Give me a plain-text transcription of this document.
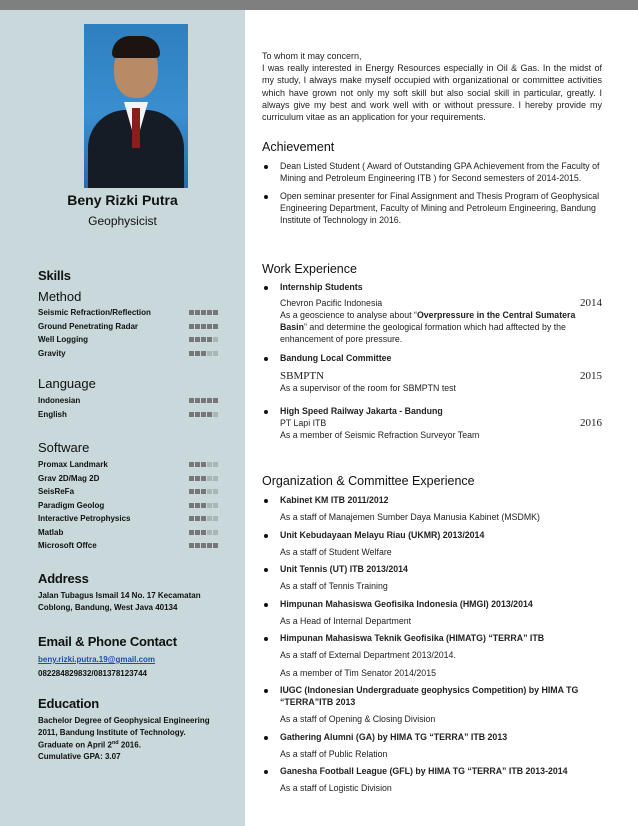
Beny Rizki Putra
Geophysicist
Skills
Method
Seismic Refraction/Reflection
Ground Penetrating Radar
Well Logging
Gravity
Language
Indonesian
English
Software
Promax Landmark
Grav 2D/Mag 2D
SeisReFa
Paradigm Geolog
Interactive Petrophysics
Matlab
Microsoft Offce
Address
Jalan Tubagus Ismail 14 No. 17 Kecamatan
Coblong, Bandung, West Java 40134
Email & Phone Contact
beny.rizki.putra.19@gmail.com
082284829832/081378123744
Education
Bachelor Degree of Geophysical Engineering
2011, Bandung Institute of Technology.
Graduate on April 2nd 2016.
Cumulative GPA: 3.07
To whom it may concern,
I was really interested in Energy Resources especially in Oil & Gas. In the midst of my study, I always make myself occupied with organizational or committee activities which have grown not only my soft skill but also social skill in particular, greatly. I always give my best and work well with or without pressure. I hereby provide my curriculum vitae as an application for your requirements.
Achievement
Dean Listed Student ( Award of Outstanding GPA Achievement from the Faculty of Mining and Petroleum Engineering ITB ) for Second semesters of 2014-2015.
Open seminar presenter for Final Assignment and Thesis Program of Geophysical Engineering Department, Faculty of Mining and Petroleum Engineering, Bandung Institute of Technology in 2016.
Work Experience
Internship Students
Chevron Pacific Indonesia	2014
As a geoscience to analyse about “Overpressure in the Central Sumatera Basin” and determine the geological formation which had afftected by the enhancement of pore pressure.
Bandung Local Committee
SBMPTN	2015
As a supervisor of the room for SBMPTN test
High Speed Railway Jakarta - Bandung
PT Lapi ITB	2016
As a member of Seismic Refraction Surveyor Team
Organization & Committee Experience
Kabinet KM ITB 2011/2012
As a staff of Manajemen Sumber Daya Manusia Kabinet (MSDMK)
Unit Kebudayaan Melayu Riau (UKMR) 2013/2014
As a staff of Student Welfare
Unit Tennis (UT) ITB 2013/2014
As a staff of Tennis Training
Himpunan Mahasiswa Geofisika Indonesia (HMGI) 2013/2014
As a Head of Internal Department
Himpunan Mahasiswa Teknik Geofisika (HIMATG) “TERRA” ITB
As a staff of External Department 2013/2014.
As a member of Tim Senator 2014/2015
IUGC (Indonesian Undergraduate geophysics Competition) by HIMA TG “TERRA”ITB 2013
As a staff of Opening & Closing Division
Gathering Alumni (GA) by HIMA TG “TERRA” ITB 2013
As a staff of Public Relation
Ganesha Football League (GFL) by HIMA TG “TERRA” ITB 2013-2014
As a staff of Logistic Division
